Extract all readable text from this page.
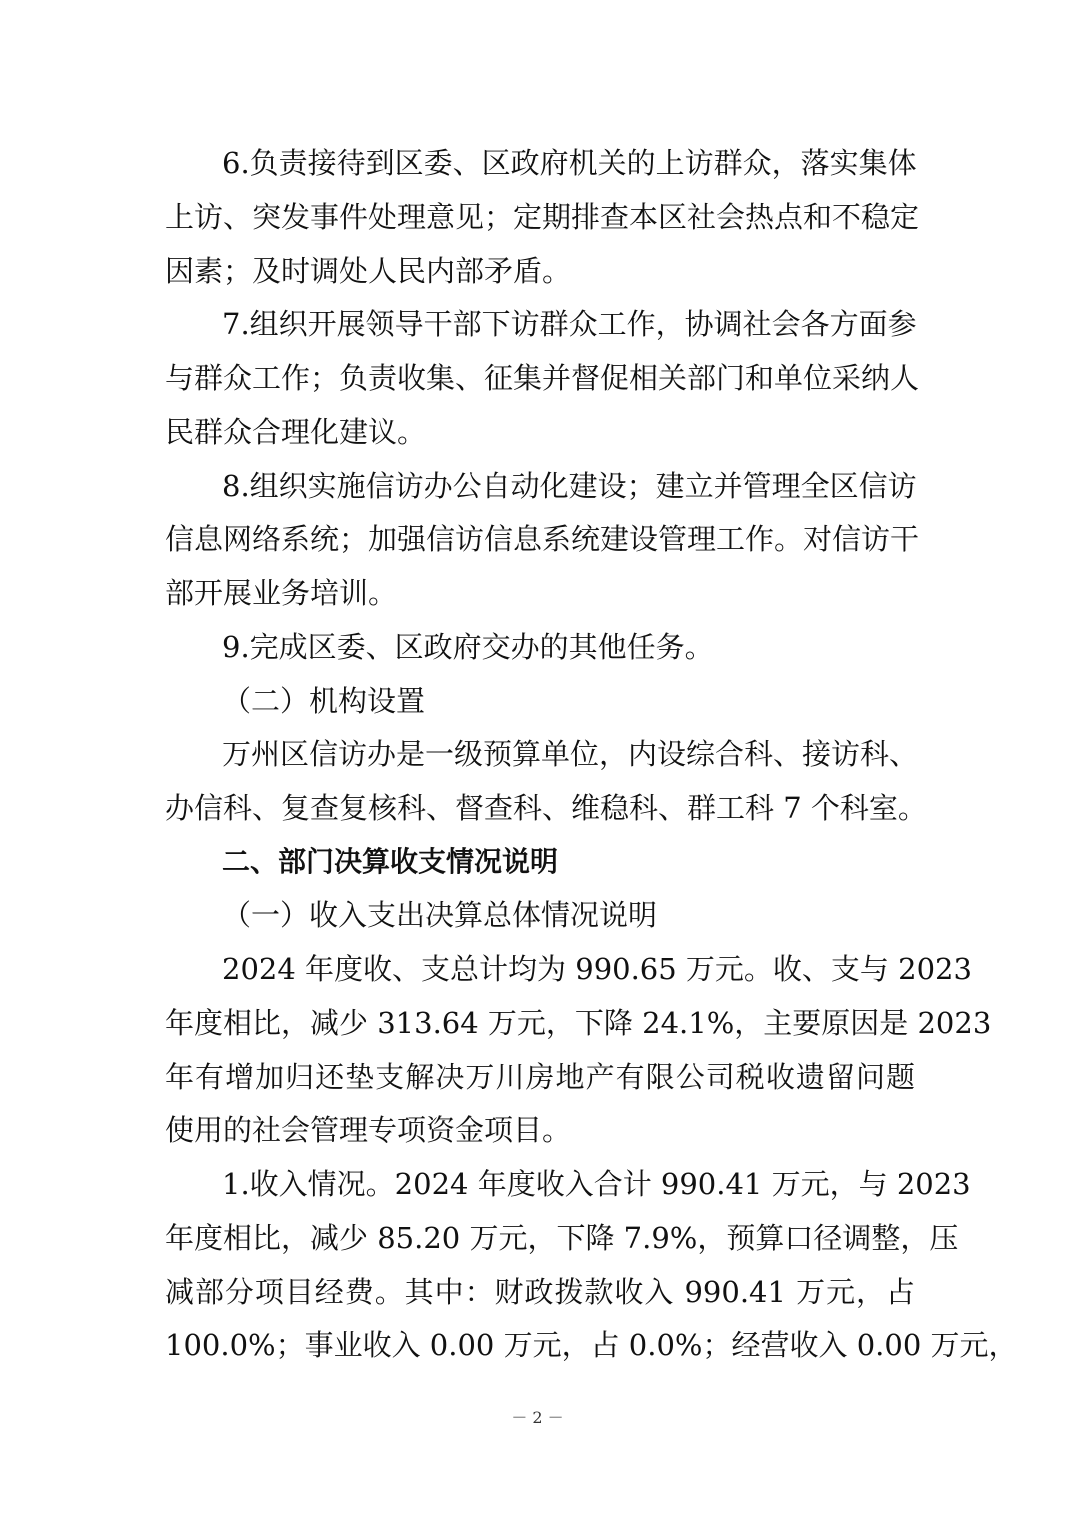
6.负责接待到区委、区政府机关的上访群众，落实集体
上访、突发事件处理意见；定期排查本区社会热点和不稳定
因素；及时调处人民内部矛盾。
7.组织开展领导干部下访群众工作，协调社会各方面参
与群众工作；负责收集、征集并督促相关部门和单位采纳人
民群众合理化建议。
8.组织实施信访办公自动化建设；建立并管理全区信访
信息网络系统；加强信访信息系统建设管理工作。对信访干
部开展业务培训。
9.完成区委、区政府交办的其他任务。
（二）机构设置
万州区信访办是一级预算单位，内设综合科、接访科、
办信科、复查复核科、督查科、维稳科、群工科 7 个科室。
二、部门决算收支情况说明
（一）收入支出决算总体情况说明
2024 年度收、支总计均为 990.65 万元。收、支与 2023
年度相比，减少 313.64 万元，下降 24.1%，主要原因是 2023
年有增加归还垫支解决万川房地产有限公司税收遗留问题
使用的社会管理专项资金项目。
1.收入情况。2024 年度收入合计 990.41 万元，与 2023
年度相比，减少 85.20 万元，下降 7.9%，预算口径调整，压
减部分项目经费。其中：财政拨款收入 990.41 万元，占
100.0%；事业收入 0.00 万元，占 0.0%；经营收入 0.00 万元，
－ 2 －
